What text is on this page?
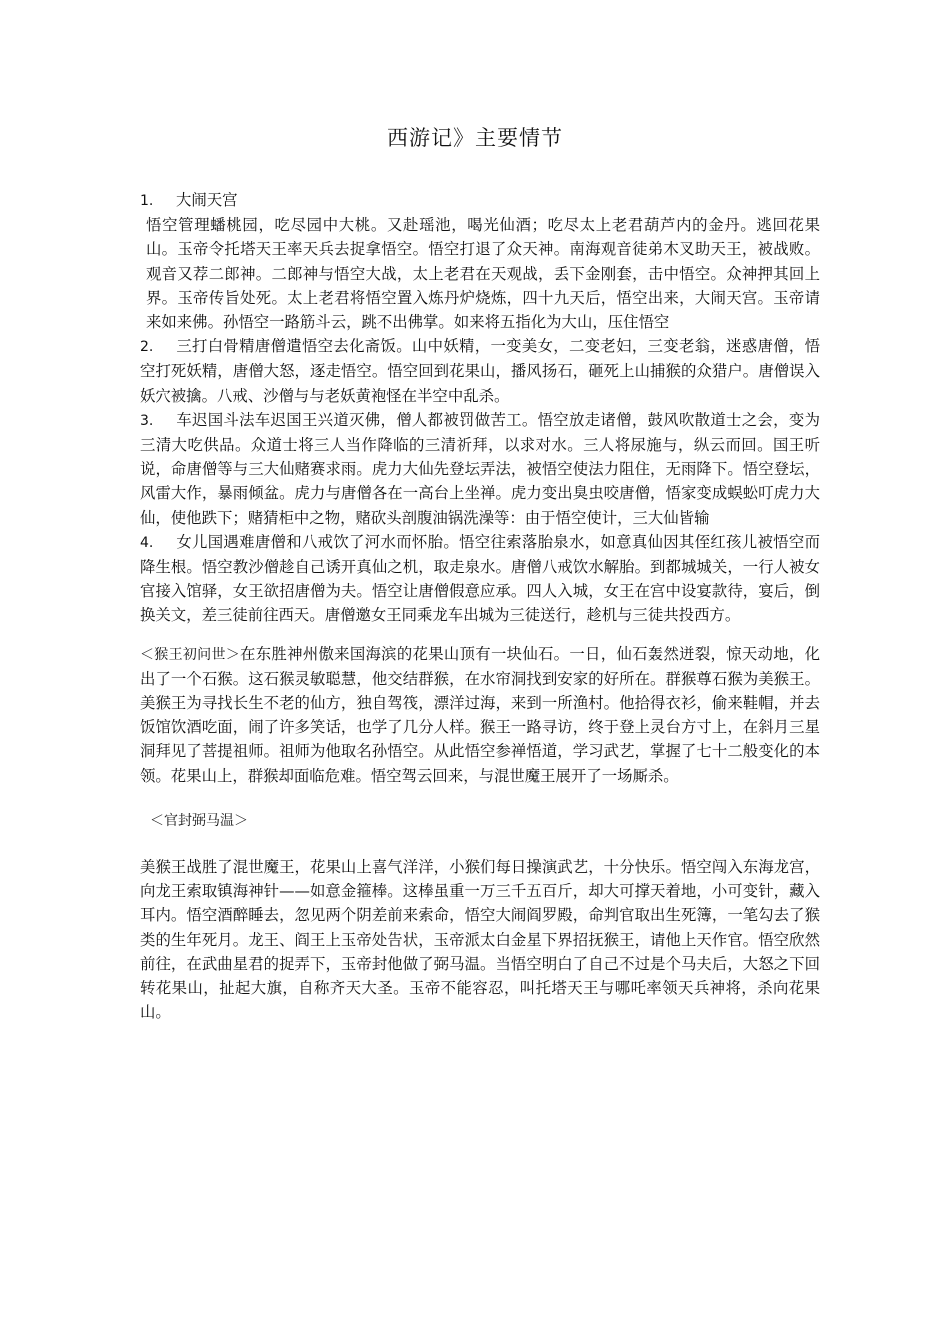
西游记》主要情节

1. 大闹天宫

悟空管理蟠桃园，吃尽园中大桃。又赴瑶池，喝光仙酒；吃尽太上老君葫芦内的金丹。逃回花果山。玉帝令托塔天王率天兵去捉拿悟空。悟空打退了众天神。南海观音徒弟木叉助天王，被战败。观音又荐二郎神。二郎神与悟空大战，太上老君在天观战，丢下金刚套，击中悟空。众神押其回上界。玉帝传旨处死。太上老君将悟空置入炼丹炉烧炼，四十九天后，悟空出来，大闹天宫。玉帝请来如来佛。孙悟空一路筋斗云，跳不出佛掌。如来将五指化为大山，压住悟空

2. 三打白骨精唐僧遣悟空去化斋饭。山中妖精，一变美女，二变老妇，三变老翁，迷惑唐僧，悟空打死妖精，唐僧大怒，逐走悟空。悟空回到花果山，播风扬石，砸死上山捕猴的众猎户。唐僧误入妖穴被擒。八戒、沙僧与与老妖黄袍怪在半空中乱杀。

3. 车迟国斗法车迟国王兴道灭佛，僧人都被罚做苦工。悟空放走诸僧，鼓风吹散道士之会，变为三清大吃供品。众道士将三人当作降临的三清祈拜，以求对水。三人将尿施与，纵云而回。国王听说，命唐僧等与三大仙赌赛求雨。虎力大仙先登坛弄法，被悟空使法力阻住，无雨降下。悟空登坛，风雷大作，暴雨倾盆。虎力与唐僧各在一高台上坐禅。虎力变出臭虫咬唐僧，悟家变成蜈蚣叮虎力大仙，使他跌下；赌猜柜中之物，赌砍头剖腹油锅洗澡等：由于悟空使计，三大仙皆输

4. 女儿国遇难唐僧和八戒饮了河水而怀胎。悟空往索落胎泉水，如意真仙因其侄红孩儿被悟空而降生根。悟空教沙僧趁自己诱开真仙之机，取走泉水。唐僧八戒饮水解胎。到都城城关，一行人被女官接入馆驿，女王欲招唐僧为夫。悟空让唐僧假意应承。四人入城，女王在宫中设宴款待，宴后，倒换关文，差三徒前往西天。唐僧邀女王同乘龙车出城为三徒送行，趁机与三徒共投西方。

＜猴王初问世＞在东胜神州傲来国海滨的花果山顶有一块仙石。一日，仙石轰然迸裂，惊天动地，化出了一个石猴。这石猴灵敏聪慧，他交结群猴，在水帘洞找到安家的好所在。群猴尊石猴为美猴王。美猴王为寻找长生不老的仙方，独自驾筏，漂洋过海，来到一所渔村。他拾得衣衫，偷来鞋帽，并去饭馆饮酒吃面，闹了许多笑话，也学了几分人样。猴王一路寻访，终于登上灵台方寸上，在斜月三星洞拜见了菩提祖师。祖师为他取名孙悟空。从此悟空参禅悟道，学习武艺，掌握了七十二般变化的本领。花果山上，群猴却面临危难。悟空驾云回来，与混世魔王展开了一场厮杀。

＜官封弼马温＞

美猴王战胜了混世魔王，花果山上喜气洋洋，小猴们每日操演武艺，十分快乐。悟空闯入东海龙宫，向龙王索取镇海神针——如意金箍棒。这棒虽重一万三千五百斤，却大可撑天着地，小可变针，藏入耳内。悟空酒醉睡去，忽见两个阴差前来索命，悟空大闹阎罗殿，命判官取出生死簿，一笔勾去了猴类的生年死月。龙王、阎王上玉帝处告状，玉帝派太白金星下界招抚猴王，请他上天作官。悟空欣然前往，在武曲星君的捉弄下，玉帝封他做了弼马温。当悟空明白了自己不过是个马夫后，大怒之下回转花果山，扯起大旗，自称齐天大圣。玉帝不能容忍，叫托塔天王与哪吒率领天兵神将，杀向花果山。
